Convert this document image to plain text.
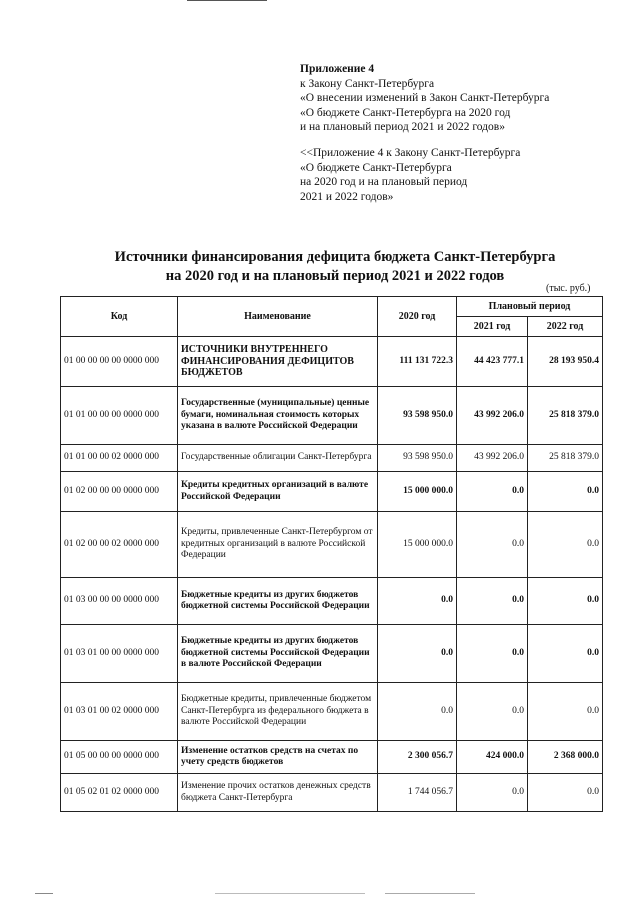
Приложение 4

к Закону Санкт-Петербурга

«О внесении изменений в Закон Санкт-Петербурга

«О бюджете Санкт-Петербурга на 2020 год

и на плановый период 2021 и 2022 годов»

<<Приложение 4 к Закону Санкт-Петербурга

«О бюджете Санкт-Петербурга

на 2020 год и на плановый период

2021 и 2022 годов»

Источники финансирования дефицита бюджета Санкт-Петербурга

на 2020 год и на плановый период 2021 и 2022 годов

(тыс. руб.)
Код	Наименование	2020 год	Плановый период	
			2021 год	2022 год
01 00 00 00 00 0000 000	ИСТОЧНИКИ ВНУТРЕННЕГО ФИНАНСИРОВАНИЯ ДЕФИЦИТОВ БЮДЖЕТОВ	111 131 722.3	44 423 777.1	28 193 950.4
01 01 00 00 00 0000 000	Государственные (муниципальные) ценные бумаги, номинальная стоимость которых указана в валюте Российской Федерации	93 598 950.0	43 992 206.0	25 818 379.0
01 01 00 00 02 0000 000	Государственные облигации Санкт-Петербурга	93 598 950.0	43 992 206.0	25 818 379.0
01 02 00 00 00 0000 000	Кредиты кредитных организаций в валюте Российской Федерации	15 000 000.0	0.0	0.0
01 02 00 00 02 0000 000	Кредиты, привлеченные Санкт-Петербургом от кредитных организаций в валюте Российской Федерации	15 000 000.0	0.0	0.0
01 03 00 00 00 0000 000	Бюджетные кредиты из других бюджетов бюджетной системы Российской Федерации	0.0	0.0	0.0
01 03 01 00 00 0000 000	Бюджетные кредиты из других бюджетов бюджетной системы Российской Федерации в валюте Российской Федерации	0.0	0.0	0.0
01 03 01 00 02 0000 000	Бюджетные кредиты, привлеченные бюджетом Санкт-Петербурга из федерального бюджета в валюте Российской Федерации	0.0	0.0	0.0
01 05 00 00 00 0000 000	Изменение остатков средств на счетах по учету средств бюджетов	2 300 056.7	424 000.0	2 368 000.0
01 05 02 01 02 0000 000	Изменение прочих остатков денежных средств бюджета Санкт-Петербурга	1 744 056.7	0.0	0.0
